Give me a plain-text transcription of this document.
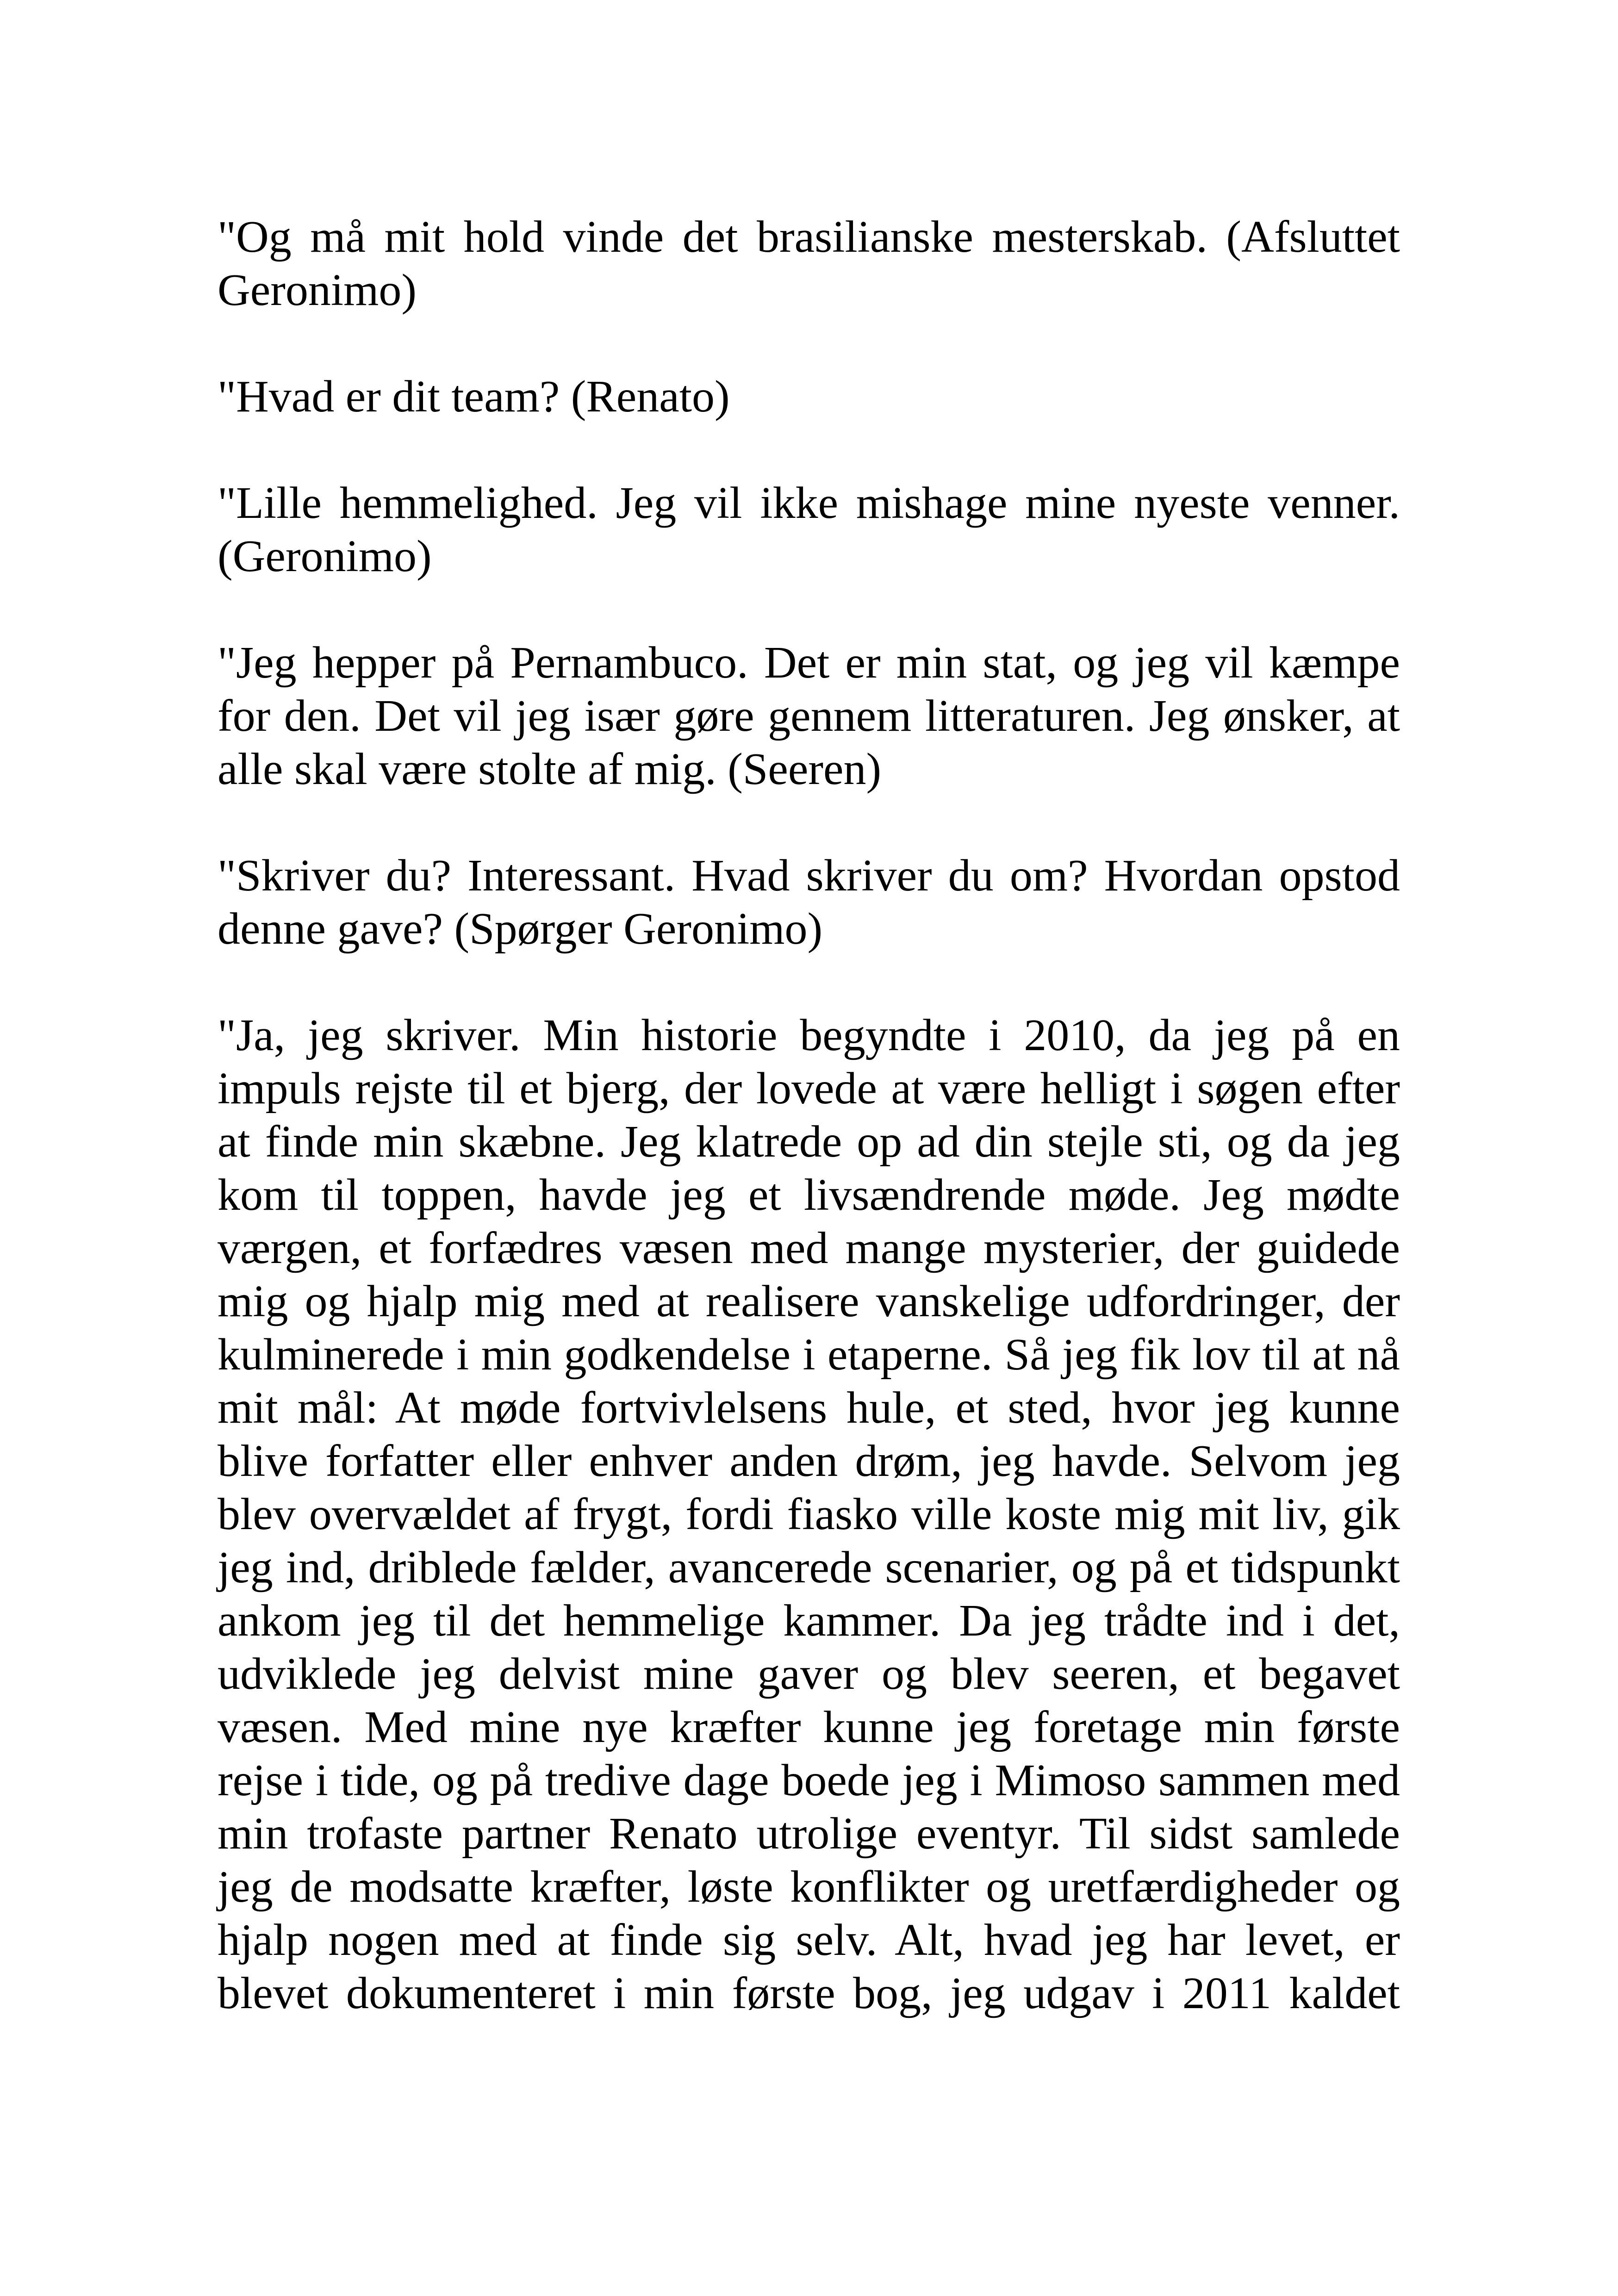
"Og må mit hold vinde det brasilianske mesterskab. (Afsluttet Geronimo)

"Hvad er dit team? (Renato)

"Lille hemmelighed. Jeg vil ikke mishage mine nyeste venner. (Geronimo)

"Jeg hepper på Pernambuco. Det er min stat, og jeg vil kæmpe for den. Det vil jeg især gøre gennem litteraturen. Jeg ønsker, at alle skal være stolte af mig. (Seeren)

"Skriver du? Interessant. Hvad skriver du om? Hvordan opstod denne gave? (Spørger Geronimo)

"Ja, jeg skriver. Min historie begyndte i 2010, da jeg på en impuls rejste til et bjerg, der lovede at være helligt i søgen efter at finde min skæbne. Jeg klatrede op ad din stejle sti, og da jeg kom til toppen, havde jeg et livsændrende møde. Jeg mødte værgen, et forfædres væsen med mange mysterier, der guidede mig og hjalp mig med at realisere vanskelige udfordringer, der kulminerede i min godkendelse i etaperne. Så jeg fik lov til at nå mit mål: At møde fortvivlelsens hule, et sted, hvor jeg kunne blive forfatter eller enhver anden drøm, jeg havde. Selvom jeg blev overvældet af frygt, fordi fiasko ville koste mig mit liv, gik jeg ind, driblede fælder, avancerede scenarier, og på et tidspunkt ankom jeg til det hemmelige kammer. Da jeg trådte ind i det, udviklede jeg delvist mine gaver og blev seeren, et begavet væsen. Med mine nye kræfter kunne jeg foretage min første rejse i tide, og på tredive dage boede jeg i Mimoso sammen med min trofaste partner Renato utrolige eventyr. Til sidst samlede jeg de modsatte kræfter, løste konflikter og uretfærdigheder og hjalp nogen med at finde sig selv. Alt, hvad jeg har levet, er blevet dokumenteret i min første bog, jeg udgav i 2011 kaldet
